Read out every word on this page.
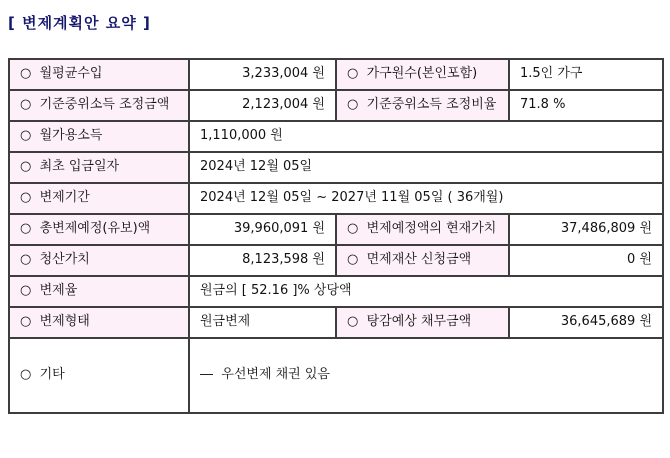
[ 변제계획안 요약 ]
○  월평균수입	3,233,004 원	○  가구원수(본인포함)	1.5인 가구
○  기준중위소득 조정금액	2,123,004 원	○  기준중위소득 조정비율	71.8 %
○  월가용소득	1,110,000 원		
○  최초 입금일자	2024년 12월 05일		
○  변제기간	2024년 12월 05일 ~ 2027년 11월 05일 ( 36개월)		
○  총변제예정(유보)액	39,960,091 원	○  변제예정액의 현재가치	37,486,809 원
○  청산가치	8,123,598 원	○  면제재산 신청금액	0 원
○  변제율	원금의 [ 52.16 ]% 상당액		
○  변제형태	원금변제	○  탕감예상 채무금액	36,645,689 원
○  기타	―  우선변제 채권 있음		
